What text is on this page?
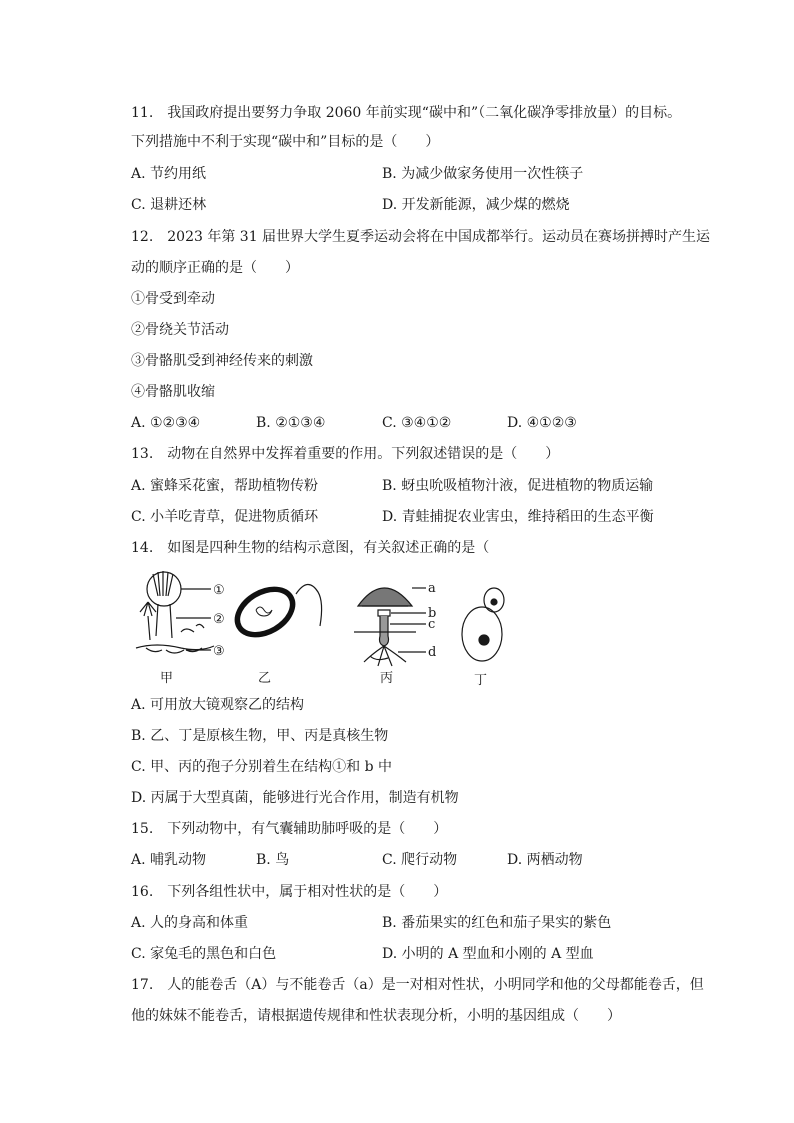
11.　我国政府提出要努力争取 2060 年前实现“碳中和”（二氧化碳净零排放量）的目标。
下列措施中不利于实现“碳中和”目标的是（　　）
A. 节约用纸	B. 为减少做家务使用一次性筷子
C. 退耕还林	D. 开发新能源，减少煤的燃烧
12.　2023 年第 31 届世界大学生夏季运动会将在中国成都举行。运动员在赛场拼搏时产生运
动的顺序正确的是（　　）
①骨受到牵动
②骨绕关节活动
③骨骼肌受到神经传来的刺激
④骨骼肌收缩
A. ①②③④	B. ②①③④	C. ③④①②	D. ④①②③
13.　动物在自然界中发挥着重要的作用。下列叙述错误的是（　　）
A. 蜜蜂采花蜜，帮助植物传粉	B. 蚜虫吮吸植物汁液，促进植物的物质运输
C. 小羊吃青草，促进物质循环	D. 青蛙捕捉农业害虫，维持稻田的生态平衡
14.　如图是四种生物的结构示意图，有关叙述正确的是（
①
②
③
a
b
c
d
甲	乙	丙	丁
A. 可用放大镜观察乙的结构
B. 乙、丁是原核生物，甲、丙是真核生物
C. 甲、丙的孢子分别着生在结构①和 b 中
D. 丙属于大型真菌，能够进行光合作用，制造有机物
15.　下列动物中，有气囊辅助肺呼吸的是（　　）
A. 哺乳动物	B. 鸟	C. 爬行动物	D. 两栖动物
16.　下列各组性状中，属于相对性状的是（　　）
A. 人的身高和体重	B. 番茄果实的红色和茄子果实的紫色
C. 家兔毛的黑色和白色	D. 小明的 A 型血和小刚的 A 型血
17.　人的能卷舌（A）与不能卷舌（a）是一对相对性状，小明同学和他的父母都能卷舌，但
他的妹妹不能卷舌，请根据遗传规律和性状表现分析，小明的基因组成（　　）
